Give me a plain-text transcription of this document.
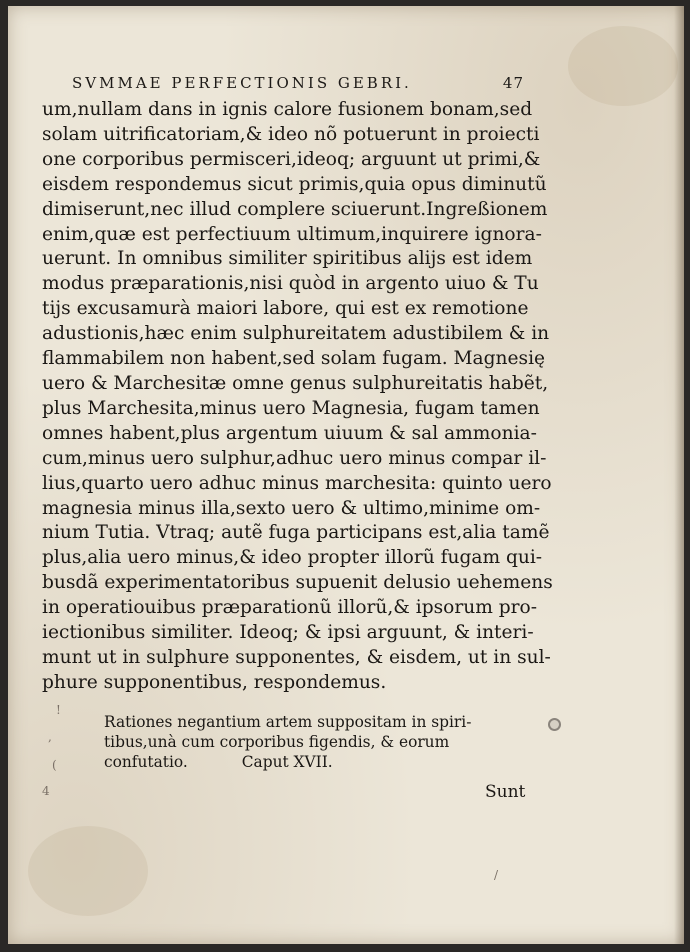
SVMMAE PERFECTIONIS GEBRI.	47
um,nullam dans in ignis calore fusionem bonam,sed
solam uitrificatoriam,& ideo nõ potuerunt in proiecti
one corporibus permisceri,ideoq; arguunt ut primi,&
eisdem respondemus sicut primis,quia opus diminutũ
dimiserunt,nec illud complere sciuerunt.Ingreßionem
enim,quæ est perfectiuum ultimum,inquirere ignora-
uerunt. In omnibus similiter spiritibus alijs est idem
modus præparationis,nisi quòd in argento uiuo & Tu
tijs excusamurà maiori labore, qui est ex remotione
adustionis,hæc enim sulphureitatem adustibilem & in
flammabilem non habent,sed solam fugam. Magnesię
uero & Marchesitæ omne genus sulphureitatis habẽt,
plus Marchesita,minus uero Magnesia, fugam tamen
omnes habent,plus argentum uiuum & sal ammonia-
cum,minus uero sulphur,adhuc uero minus compar il-
lius,quarto uero adhuc minus marchesita: quinto uero
magnesia minus illa,sexto uero & ultimo,minime om-
nium Tutia. Vtraq; autẽ fuga participans est,alia tamẽ
plus,alia uero minus,& ideo propter illorũ fugam qui-
busdã experimentatoribus supuenit delusio uehemens
in operatiouibus præparationũ illorũ,& ipsorum pro-
iectionibus similiter. Ideoq; & ipsi arguunt, & interi-
munt ut in sulphure supponentes, & eisdem, ut in sul-
phure supponentibus, respondemus.
Rationes negantium artem suppositam in spiri-
tibus,unà cum corporibus figendis, & eorum
confutatio.	Caput XVII.
Sunt
!
,
(
4
/
